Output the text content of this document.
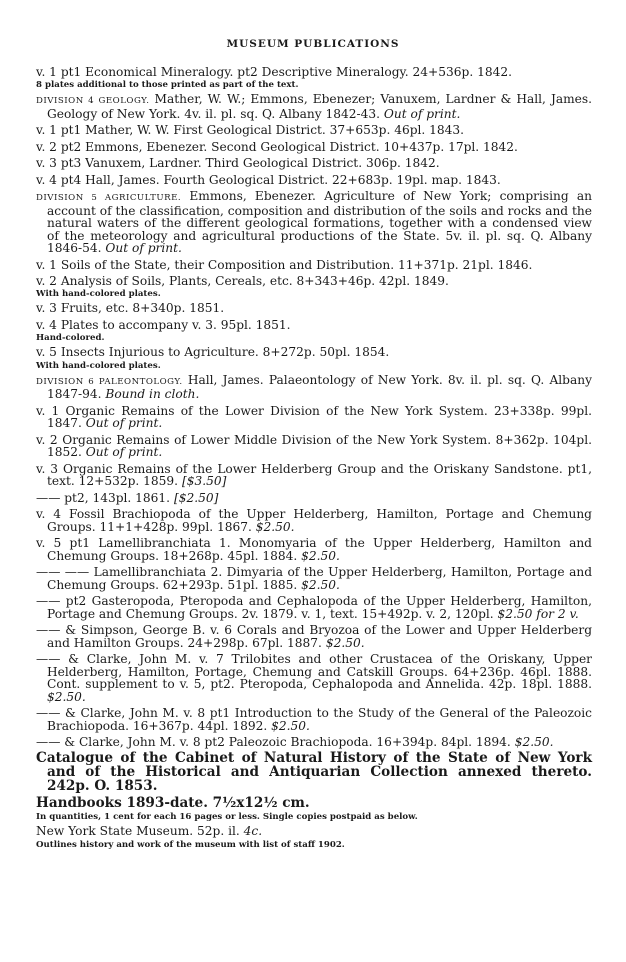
MUSEUM PUBLICATIONS
v. 1 pt1 Economical Mineralogy. pt2 Descriptive Mineralogy. 24+536p. 1842.
8 plates additional to those printed as part of the text.
DIVISION 4 GEOLOGY. Mather, W. W.; Emmons, Ebenezer; Vanuxem, Lardner & Hall, James. Geology of New York. 4v. il. pl. sq. Q. Albany 1842-43. Out of print.
v. 1 pt1 Mather, W. W. First Geological District. 37+653p. 46pl. 1843.
v. 2 pt2 Emmons, Ebenezer. Second Geological District. 10+437p. 17pl. 1842.
v. 3 pt3 Vanuxem, Lardner. Third Geological District. 306p. 1842.
v. 4 pt4 Hall, James. Fourth Geological District. 22+683p. 19pl. map. 1843.
DIVISION 5 AGRICULTURE. Emmons, Ebenezer. Agriculture of New York; comprising an account of the classification, composition and distribution of the soils and rocks and the natural waters of the different geological formations, together with a condensed view of the meteorology and agricultural productions of the State. 5v. il. pl. sq. Q. Albany 1846-54. Out of print.
v. 1 Soils of the State, their Composition and Distribution. 11+371p. 21pl. 1846.
v. 2 Analysis of Soils, Plants, Cereals, etc. 8+343+46p. 42pl. 1849.
With hand-colored plates.
v. 3 Fruits, etc. 8+340p. 1851.
v. 4 Plates to accompany v. 3. 95pl. 1851.
Hand-colored.
v. 5 Insects Injurious to Agriculture. 8+272p. 50pl. 1854.
With hand-colored plates.
DIVISION 6 PALEONTOLOGY. Hall, James. Palaeontology of New York. 8v. il. pl. sq. Q. Albany 1847-94. Bound in cloth.
v. 1 Organic Remains of the Lower Division of the New York System. 23+338p. 99pl. 1847. Out of print.
v. 2 Organic Remains of Lower Middle Division of the New York System. 8+362p. 104pl. 1852. Out of print.
v. 3 Organic Remains of the Lower Helderberg Group and the Oriskany Sandstone. pt1, text. 12+532p. 1859. [$3.50]
—— pt2, 143pl. 1861. [$2.50]
v. 4 Fossil Brachiopoda of the Upper Helderberg, Hamilton, Portage and Chemung Groups. 11+1+428p. 99pl. 1867. $2.50.
v. 5 pt1 Lamellibranchiata 1. Monomyaria of the Upper Helderberg, Hamilton and Chemung Groups. 18+268p. 45pl. 1884. $2.50.
—— —— Lamellibranchiata 2. Dimyaria of the Upper Helderberg, Hamilton, Portage and Chemung Groups. 62+293p. 51pl. 1885. $2.50.
—— pt2 Gasteropoda, Pteropoda and Cephalopoda of the Upper Helderberg, Hamilton, Portage and Chemung Groups. 2v. 1879. v. 1, text. 15+492p. v. 2, 120pl. $2.50 for 2 v.
—— & Simpson, George B. v. 6 Corals and Bryozoa of the Lower and Upper Helderberg and Hamilton Groups. 24+298p. 67pl. 1887. $2.50.
—— & Clarke, John M. v. 7 Trilobites and other Crustacea of the Oriskany, Upper Helderberg, Hamilton, Portage, Chemung and Catskill Groups. 64+236p. 46pl. 1888. Cont. supplement to v. 5, pt2. Pteropoda, Cephalopoda and Annelida. 42p. 18pl. 1888. $2.50.
—— & Clarke, John M. v. 8 pt1 Introduction to the Study of the General of the Paleozoic Brachiopoda. 16+367p. 44pl. 1892. $2.50.
—— & Clarke, John M. v. 8 pt2 Paleozoic Brachiopoda. 16+394p. 84pl. 1894. $2.50.
Catalogue of the Cabinet of Natural History of the State of New York and of the Historical and Antiquarian Collection annexed thereto. 242p. O. 1853.
Handbooks 1893-date. 7½x12½ cm.
In quantities, 1 cent for each 16 pages or less. Single copies postpaid as below.
New York State Museum. 52p. il. 4c.
Outlines history and work of the museum with list of staff 1902.
